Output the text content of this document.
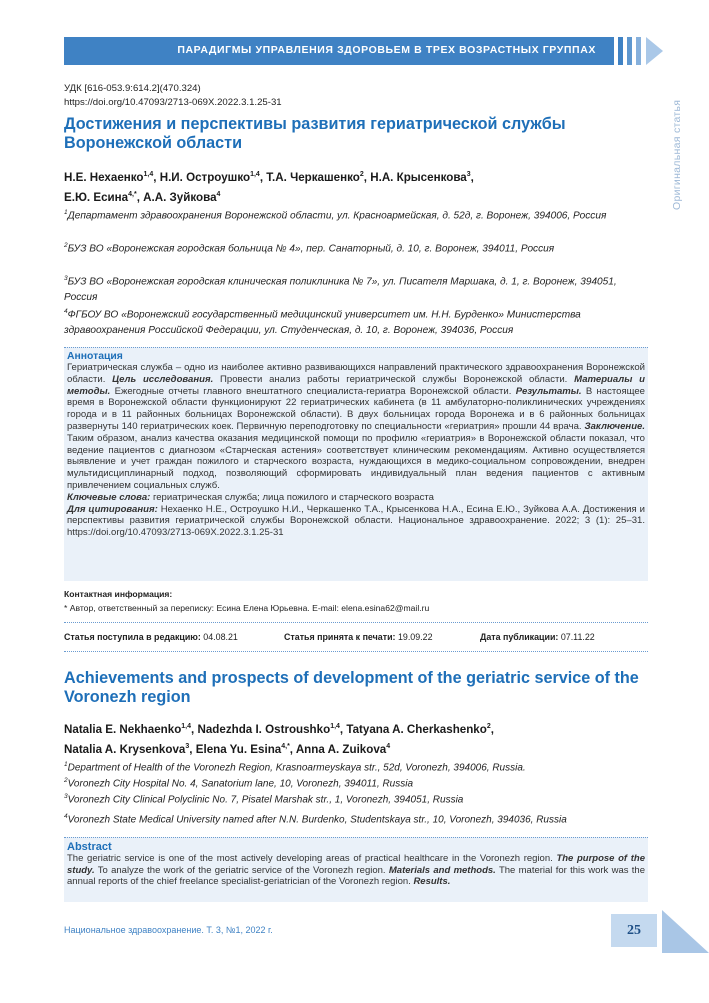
ПАРАДИГМЫ УПРАВЛЕНИЯ ЗДОРОВЬЕМ В ТРЕХ ВОЗРАСТНЫХ ГРУППАХ
Оригинальная статья
УДК [616-053.9:614.2](470.324)
https://doi.org/10.47093/2713-069X.2022.3.1.25-31
Достижения и перспективы развития гериатрической службы Воронежской области
Н.Е. Нехаенко$^{1,4}$, Н.И. Остроушко$^{1,4}$, Т.А. Черкашенко$^2$, Н.А. Крысенкова$^3$,
Е.Ю. Есина$^{4,*}$, А.А. Зуйкова$^4$
$^1$Департамент здравоохранения Воронежской области, ул. Красноармейская, д. 52д, г. Воронеж, 394006, Россия
$^2$БУЗ ВО «Воронежская городская больница № 4», пер. Санаторный, д. 10, г. Воронеж, 394011, Россия
$^3$БУЗ ВО «Воронежская городская клиническая поликлиника № 7», ул. Писателя Маршака, д. 1, г. Воронеж, 394051, Россия
$^4$ФГБОУ ВО «Воронежский государственный медицинский университет им. Н.Н. Бурденко» Министерства здравоохранения Российской Федерации, ул. Студенческая, д. 10, г. Воронеж, 394036, Россия
Аннотация
Гериатрическая служба – одно из наиболее активно развивающихся направлений практического здравоохранения Воронежской области. Цель исследования. Провести анализ работы гериатрической службы Воронежской области. Материалы и методы. Ежегодные отчеты главного внештатного специалиста-гериатра Воронежской области. Результаты. В настоящее время в Воронежской области функционируют 22 гериатрических кабинета (в 11 амбулаторно-поликлинических учреждениях города и в 11 районных больницах Воронежской области). В двух больницах города Воронежа и в 6 районных больницах развернуты 140 гериатрических коек. Первичную переподготовку по специальности «гериатрия» прошли 44 врача. Заключение. Таким образом, анализ качества оказания медицинской помощи по профилю «гериатрия» в Воронежской области показал, что ведение пациентов с диагнозом «Старческая астения» соответствует клиническим рекомендациям. Активно осуществляется выявление и учет граждан пожилого и старческого возраста, нуждающихся в медико-социальном сопровождении, внедрен мультидисциплинарный подход, позволяющий сформировать индивидуальный план ведения пациентов с активным привлечением социальных служб.
Ключевые слова: гериатрическая служба; лица пожилого и старческого возраста
Для цитирования: Нехаенко Н.Е., Остроушко Н.И., Черкашенко Т.А., Крысенкова Н.А., Есина Е.Ю., Зуйкова А.А. Достижения и перспективы развития гериатрической службы Воронежской области. Национальное здравоохранение. 2022; 3 (1): 25–31. https://doi.org/10.47093/2713-069X.2022.3.1.25-31
Контактная информация:
* Автор, ответственный за переписку: Есина Елена Юрьевна. E-mail: elena.esina62@mail.ru
Статья поступила в редакцию: 04.08.21	Статья принята к печати: 19.09.22	Дата публикации: 07.11.22
Achievements and prospects of development of the geriatric service of the Voronezh region
Natalia E. Nekhaenko$^{1,4}$, Nadezhda I. Ostroushko$^{1,4}$, Tatyana A. Cherkashenko$^2$,
Natalia A. Krysenkova$^3$, Elena Yu. Esina$^{4,*}$, Anna A. Zuikova$^4$
$^1$Department of Health of the Voronezh Region, Krasnoarmeyskaya str., 52d, Voronezh, 394006, Russia.
$^2$Voronezh City Hospital No. 4, Sanatorium lane, 10, Voronezh, 394011, Russia
$^3$Voronezh City Clinical Polyclinic No. 7, Pisatel Marshak str., 1, Voronezh, 394051, Russia
$^4$Voronezh State Medical University named after N.N. Burdenko, Studentskaya str., 10, Voronezh, 394036, Russia
Abstract
The geriatric service is one of the most actively developing areas of practical healthcare in the Voronezh region. The purpose of the study. To analyze the work of the geriatric service of the Voronezh region. Materials and methods. The material for this work was the annual reports of the chief freelance specialist-geriatrician of the Voronezh region. Results.
Национальное здравоохранение. Т. 3, №1, 2022 г.	25
